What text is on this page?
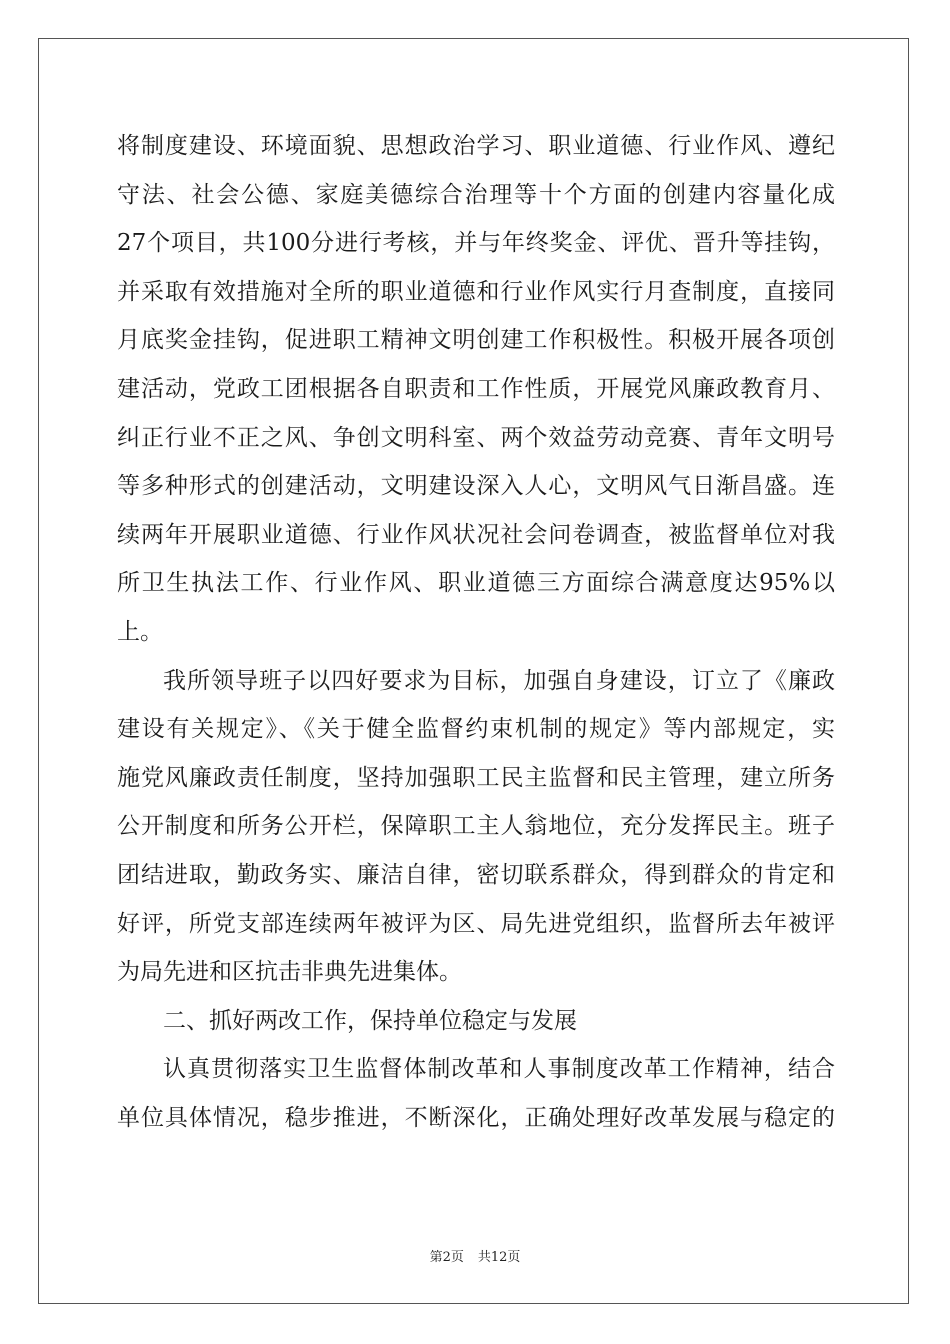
将制度建设、环境面貌、思想政治学习、职业道德、行业作风、遵纪
守法、社会公德、家庭美德综合治理等十个方面的创建内容量化成
27个项目，共100分进行考核，并与年终奖金、评优、晋升等挂钩，
并采取有效措施对全所的职业道德和行业作风实行月查制度，直接同
月底奖金挂钩，促进职工精神文明创建工作积极性。积极开展各项创
建活动，党政工团根据各自职责和工作性质，开展党风廉政教育月、
纠正行业不正之风、争创文明科室、两个效益劳动竞赛、青年文明号
等多种形式的创建活动，文明建设深入人心，文明风气日渐昌盛。连
续两年开展职业道德、行业作风状况社会问卷调查，被监督单位对我
所卫生执法工作、行业作风、职业道德三方面综合满意度达95%以
上。
我所领导班子以四好要求为目标，加强自身建设，订立了《廉政
建设有关规定》、《关于健全监督约束机制的规定》等内部规定，实
施党风廉政责任制度，坚持加强职工民主监督和民主管理，建立所务
公开制度和所务公开栏，保障职工主人翁地位，充分发挥民主。班子
团结进取，勤政务实、廉洁自律，密切联系群众，得到群众的肯定和
好评，所党支部连续两年被评为区、局先进党组织，监督所去年被评
为局先进和区抗击非典先进集体。
二、抓好两改工作，保持单位稳定与发展
认真贯彻落实卫生监督体制改革和人事制度改革工作精神，结合
单位具体情况，稳步推进，不断深化，正确处理好改革发展与稳定的
第2页 共12页
